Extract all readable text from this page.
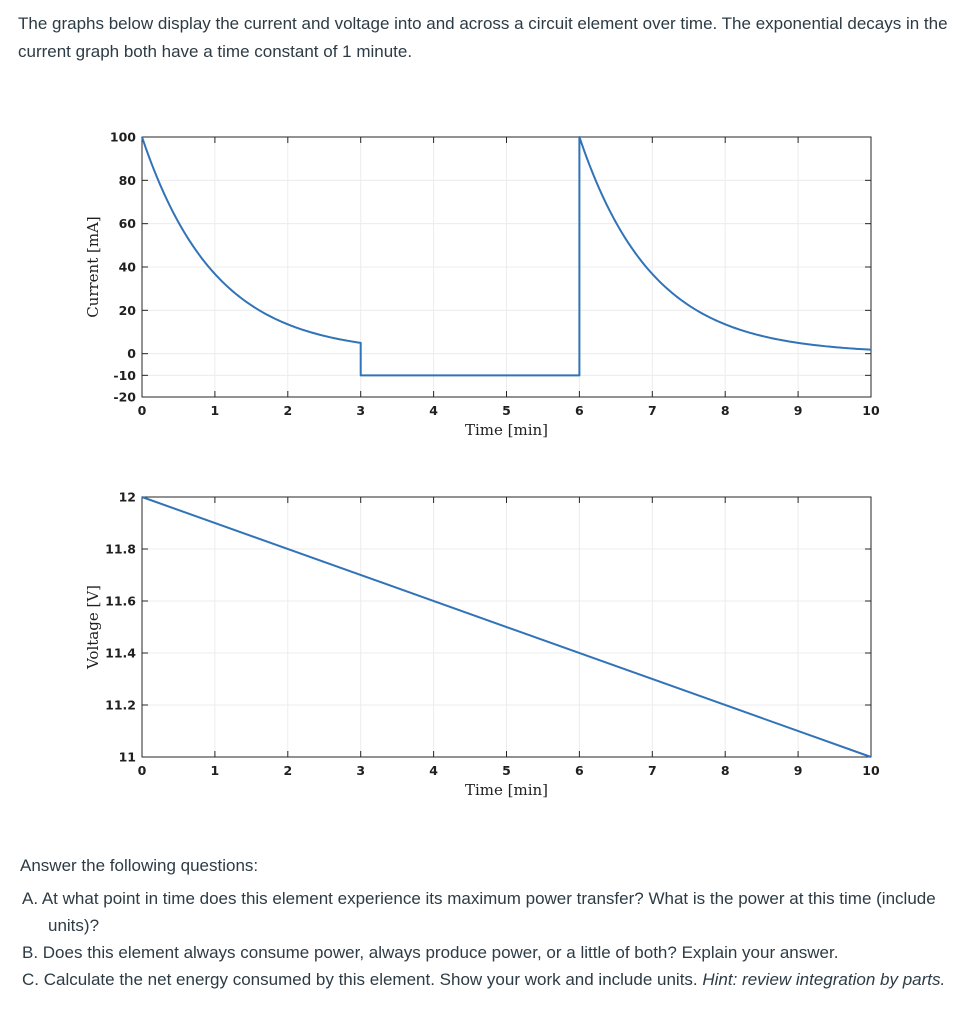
The graphs below display the current and voltage into and across a circuit element over time. The exponential decays in the current graph both have a time constant of 1 minute.
0	1	2	3	4	5	6	7	8	9	10
-20
-10
0
20
40
60
80
100
Time [min]
Current [mA]
0	1	2	3	4	5	6	7	8	9	10
11
11.2
11.4
11.6
11.8
12
Time [min]
Voltage [V]
Answer the following questions:
A. At what point in time does this element experience its maximum power transfer? What is the power at this time (include units)?
B. Does this element always consume power, always produce power, or a little of both? Explain your answer.
C. Calculate the net energy consumed by this element. Show your work and include units. Hint: review integration by parts.
